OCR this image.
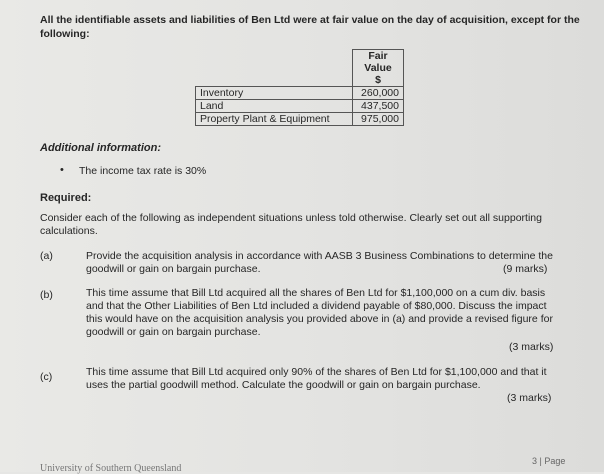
All the identifiable assets and liabilities of Ben Ltd were at fair value on the day of acquisition, except for the following:
	Fair
Value
$
Inventory	260,000
Land	437,500
Property Plant & Equipment	975,000
Additional information:
• The income tax rate is 30%
Required:
Consider each of the following as independent situations unless told otherwise. Clearly set out all supporting calculations.
(a)	Provide the acquisition analysis in accordance with AASB 3 Business Combinations to determine the goodwill or gain on bargain purchase.	(9 marks)
(b)	This time assume that Bill Ltd acquired all the shares of Ben Ltd for $1,100,000 on a cum div. basis and that the Other Liabilities of Ben Ltd included a dividend payable of $80,000. Discuss the impact this would have on the acquisition analysis you provided above in (a) and provide a revised figure for goodwill or gain on bargain purchase.
(3 marks)
(c)	This time assume that Bill Ltd acquired only 90% of the shares of Ben Ltd for $1,100,000 and that it uses the partial goodwill method. Calculate the goodwill or gain on bargain purchase.
(3 marks)
University of Southern Queensland
3 | Page
